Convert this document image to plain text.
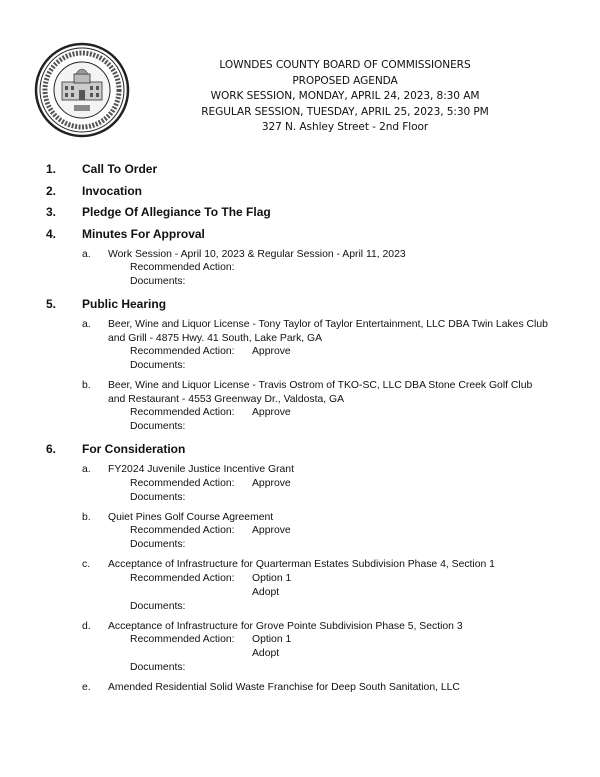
LOWNDES COUNTY BOARD OF COMMISSIONERS
PROPOSED AGENDA
WORK SESSION, MONDAY, APRIL 24, 2023, 8:30 AM
REGULAR SESSION, TUESDAY, APRIL 25, 2023, 5:30 PM
327 N. Ashley Street - 2nd Floor
1. Call To Order
2. Invocation
3. Pledge Of Allegiance To The Flag
4. Minutes For Approval
a. Work Session - April 10, 2023 & Regular Session - April 11, 2023
Recommended Action:
Documents:
5. Public Hearing
a. Beer, Wine and Liquor License - Tony Taylor of Taylor Entertainment, LLC DBA Twin Lakes Club and Grill - 4875 Hwy. 41 South, Lake Park, GA
Recommended Action: Approve
Documents:
b. Beer, Wine and Liquor License - Travis Ostrom of TKO-SC, LLC DBA Stone Creek Golf Club and Restaurant - 4553 Greenway Dr., Valdosta, GA
Recommended Action: Approve
Documents:
6. For Consideration
a. FY2024 Juvenile Justice Incentive Grant
Recommended Action: Approve
Documents:
b. Quiet Pines Golf Course Agreement
Recommended Action: Approve
Documents:
c. Acceptance of Infrastructure for Quarterman Estates Subdivision Phase 4, Section 1
Recommended Action: Option 1
Adopt
Documents:
d. Acceptance of Infrastructure for Grove Pointe Subdivision Phase 5, Section 3
Recommended Action: Option 1
Adopt
Documents:
e. Amended Residential Solid Waste Franchise for Deep South Sanitation, LLC
